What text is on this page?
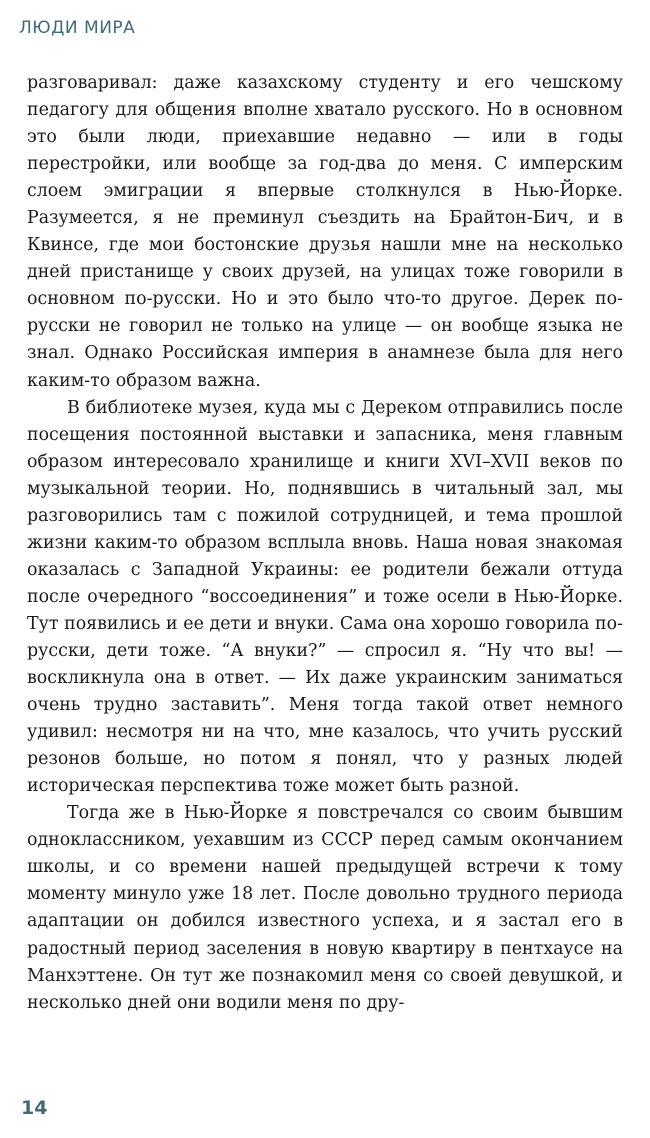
ЛЮДИ МИРА

разговаривал: даже казахскому студенту и его чешскому педагогу для общения вполне хватало русского. Но в основном это были люди, приехавшие недавно — или в годы перестройки, или вообще за год-два до меня. С имперским слоем эмиграции я впервые столкнулся в Нью-Йорке. Разумеется, я не преминул съездить на Брайтон-Бич, и в Квинсе, где мои бостонские друзья нашли мне на несколько дней пристанище у своих друзей, на улицах тоже говорили в основном по-русски. Но и это было что-то другое. Дерек по-русски не говорил не только на улице — он вообще языка не знал. Однако Российская империя в анамнезе была для него каким-то образом важна.

В библиотеке музея, куда мы с Дереком отправились после посещения постоянной выставки и запасника, меня главным образом интересовало хранилище и книги XVI–XVII веков по музыкальной теории. Но, поднявшись в читальный зал, мы разговорились там с пожилой сотрудницей, и тема прошлой жизни каким-то образом всплыла вновь. Наша новая знакомая оказалась с Западной Украины: ее родители бежали оттуда после очередного “воссоединения” и тоже осели в Нью-Йорке. Тут появились и ее дети и внуки. Сама она хорошо говорила по-русски, дети тоже. “А внуки?” — спросил я. “Ну что вы! — воскликнула она в ответ. — Их даже украинским заниматься очень трудно заставить”. Меня тогда такой ответ немного удивил: несмотря ни на что, мне казалось, что учить русский резонов больше, но потом я понял, что у разных людей историческая перспектива тоже может быть разной.

Тогда же в Нью-Йорке я повстречался со своим бывшим одноклассником, уехавшим из СССР перед самым окончанием школы, и со времени нашей предыдущей встречи к тому моменту минуло уже 18 лет. После довольно трудного периода адаптации он добился известного успеха, и я застал его в радостный период заселения в новую квартиру в пентхаусе на Манхэттене. Он тут же познакомил меня со своей девушкой, и несколько дней они водили меня по дру-

14
